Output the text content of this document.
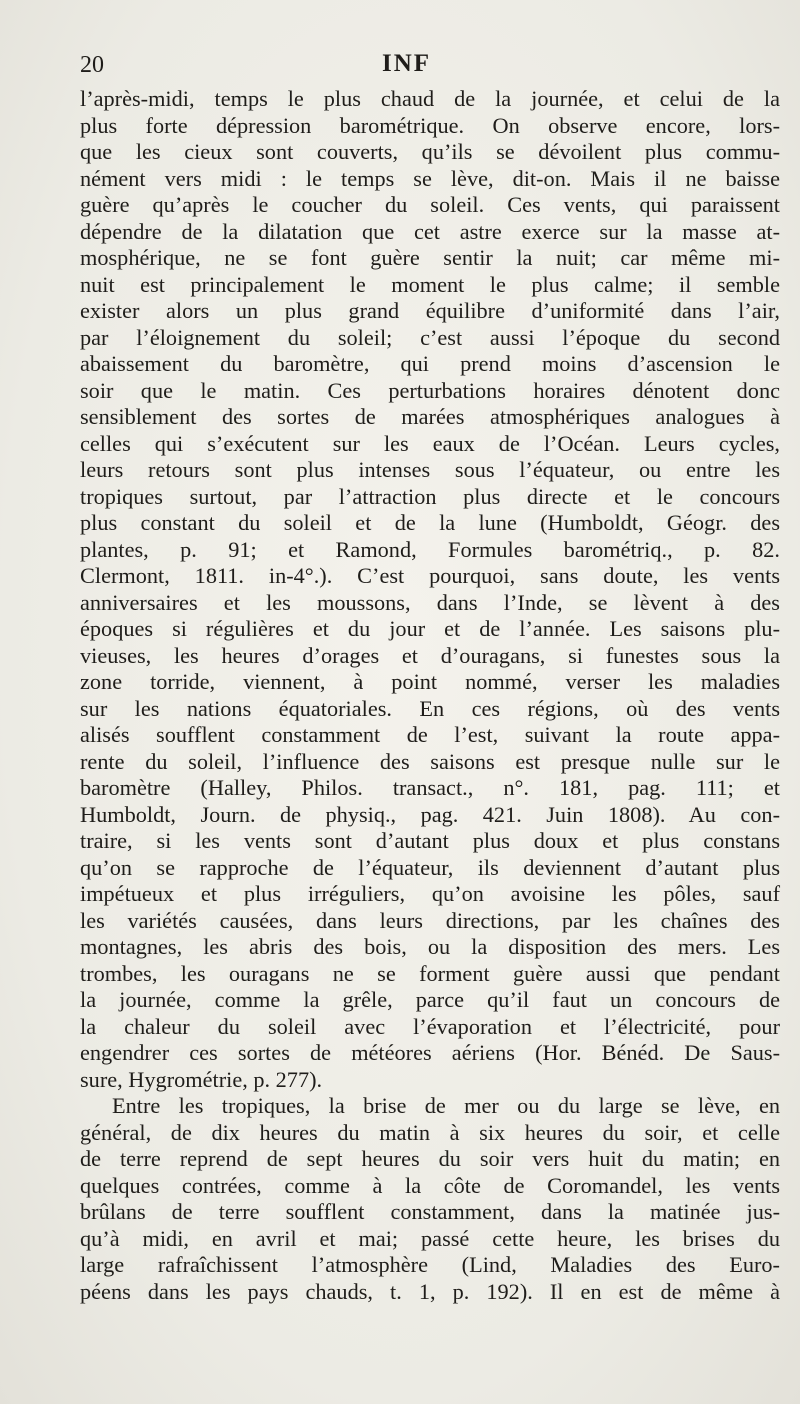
20	INF
l’après-midi, temps le plus chaud de la journée, et celui de la
plus forte dépression barométrique. On observe encore, lors-
que les cieux sont couverts, qu’ils se dévoilent plus commu-
nément vers midi : le temps se lève, dit-on. Mais il ne baisse
guère qu’après le coucher du soleil. Ces vents, qui paraissent
dépendre de la dilatation que cet astre exerce sur la masse at-
mosphérique, ne se font guère sentir la nuit; car même mi-
nuit est principalement le moment le plus calme; il semble
exister alors un plus grand équilibre d’uniformité dans l’air,
par l’éloignement du soleil; c’est aussi l’époque du second
abaissement du baromètre, qui prend moins d’ascension le
soir que le matin. Ces perturbations horaires dénotent donc
sensiblement des sortes de marées atmosphériques analogues à
celles qui s’exécutent sur les eaux de l’Océan. Leurs cycles,
leurs retours sont plus intenses sous l’équateur, ou entre les
tropiques surtout, par l’attraction plus directe et le concours
plus constant du soleil et de la lune (Humboldt, Géogr. des
plantes, p. 91; et Ramond, Formules barométriq., p. 82.
Clermont, 1811. in-4°.). C’est pourquoi, sans doute, les vents
anniversaires et les moussons, dans l’Inde, se lèvent à des
époques si régulières et du jour et de l’année. Les saisons plu-
vieuses, les heures d’orages et d’ouragans, si funestes sous la
zone torride, viennent, à point nommé, verser les maladies
sur les nations équatoriales. En ces régions, où des vents
alisés soufflent constamment de l’est, suivant la route appa-
rente du soleil, l’influence des saisons est presque nulle sur le
baromètre (Halley, Philos. transact., n°. 181, pag. 111; et
Humboldt, Journ. de physiq., pag. 421. Juin 1808). Au con-
traire, si les vents sont d’autant plus doux et plus constans
qu’on se rapproche de l’équateur, ils deviennent d’autant plus
impétueux et plus irréguliers, qu’on avoisine les pôles, sauf
les variétés causées, dans leurs directions, par les chaînes des
montagnes, les abris des bois, ou la disposition des mers. Les
trombes, les ouragans ne se forment guère aussi que pendant
la journée, comme la grêle, parce qu’il faut un concours de
la chaleur du soleil avec l’évaporation et l’électricité, pour
engendrer ces sortes de météores aériens (Hor. Bénéd. De Saus-
sure, Hygrométrie, p. 277).
Entre les tropiques, la brise de mer ou du large se lève, en
général, de dix heures du matin à six heures du soir, et celle
de terre reprend de sept heures du soir vers huit du matin; en
quelques contrées, comme à la côte de Coromandel, les vents
brûlans de terre soufflent constamment, dans la matinée jus-
qu’à midi, en avril et mai; passé cette heure, les brises du
large rafraîchissent l’atmosphère (Lind, Maladies des Euro-
péens dans les pays chauds, t. 1, p. 192). Il en est de même à
